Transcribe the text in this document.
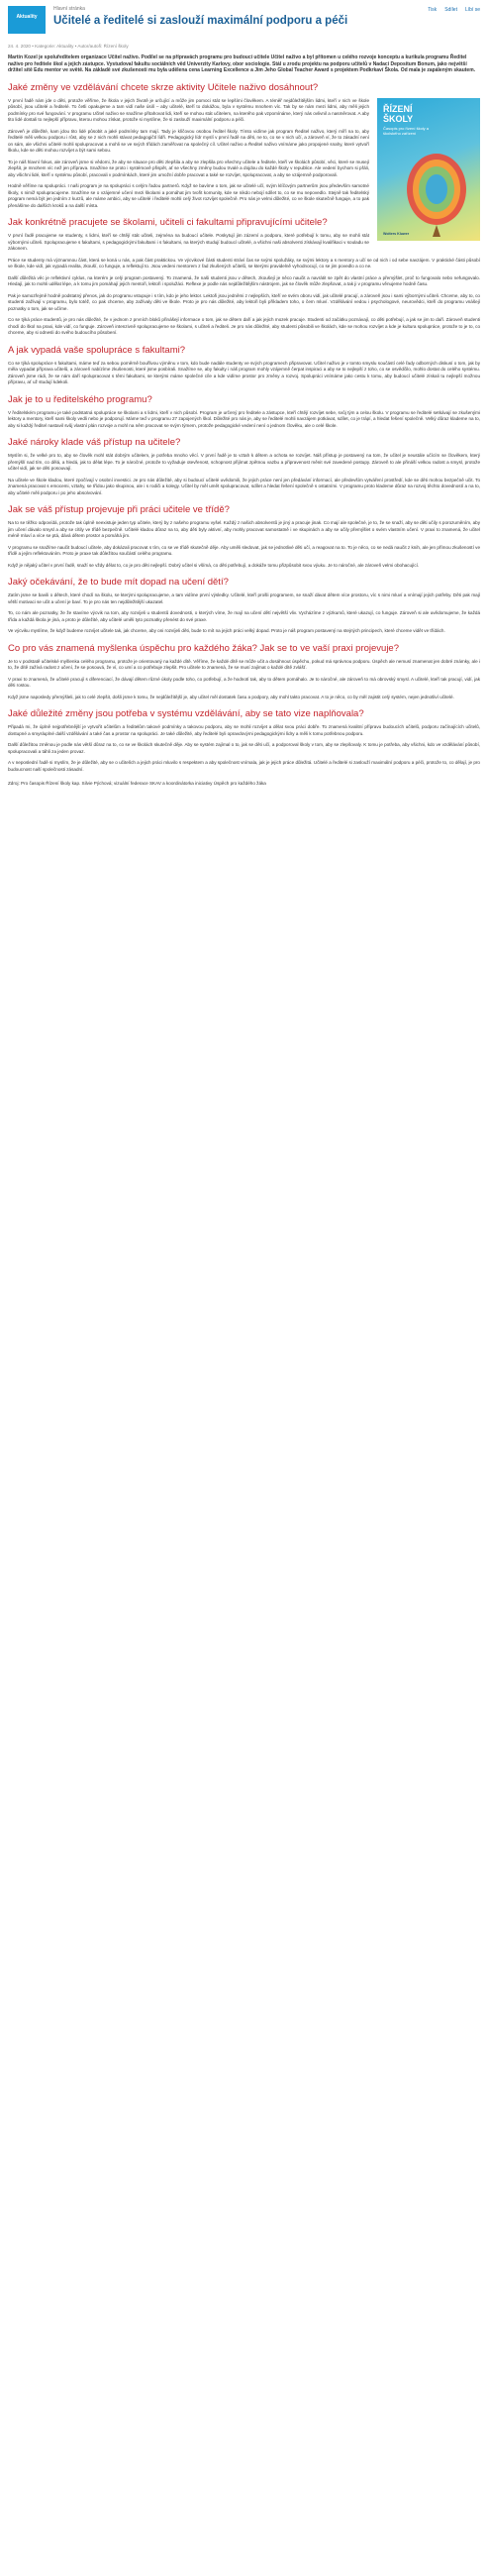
Aktuality
Hlavní stránka
Učitelé a ředitelé si zaslouží maximální podporu a péči
Tisk Sdílet Líbí se
24. 4. 2020 • Kategorie: Aktuality • Autor/autoři: Řízení školy
Martin Kozel je spoluředitelem organizace Učitel naživo. Podílel se na přípravách programu pro budoucí učitele Učitel naživo a byl přítomen u celého rozvoje konceptu a kurikula programu Ředitel naživo pro ředitele škol a jejich zástupce. Vystudoval fakultu sociálních věd Univerzity Karlovy, obor sociologie. Stál u zrodu projektu na podporu učitelů v Nadaci Depositum Bonum, jako největší držitel sítě Edu mentor ve světě. Na základě své zkušenosti mu byla udělena cena Learning Excellence a Jim Jeho Global Teacher Award s projektem Podkrkaví Škola. Od mala je zapáleným skautem.
Jaké změny ve vzdělávání chcete skrze aktivity Učitele naživo dosáhnout?
ŘÍZENÍ ŠKOLY
Časopis pro řízení školy a školského zařízení
Wolters Kluwer

V první řadě nám jde o děti, protože věříme, že škola v jejich životě je určující a může jim pomoci stát se lepšími člověkem. A téměř nejdůležitějším lidmi, kteří v nich ve škole působí, jsou učitelé a ředitelé. To četli opakujeme a tam vidí naše úsilí – aby učitelé, kteří to dokážou, byla v systému mnohem víc. Tak by se nám mezi lidmi, aby měli jejich podmínky pro své fungování. V programu Učitel naživo se snažíme přitahovat lidi, kteří se mohou stát učitelem, na kterého pak vzpomínáme, který nás ovlivnil a nasměrovat. A aby tito lidé dostali to nejlepší přípravu, kterou mohou získat, protože si myslíme, že si zaslouží maximální podporu a péči.

Zároveň je důležité, kam jdou tito lidé působit a jaké podmínky tam mají. Tady je klíčovou osobou ředitel školy. Tímto vidíme jak program Ředitel naživo, který míří na to, aby ředitelé měli velkou podporu i růst, aby se z nich mohli stávat pedagogičtí lídři. Pedagogický lídr myslí v první řadě na děti, ne to, co se v nich učí, a zároveň ví, že to zásadní není on sám, ale všichni učitelé mohli spolupracovat a mohli se ve svých třídách zaměřovat na společný cíl. Učitel naživo a Ředitel naživo vnímáme jako propojené snahy, které vytvoří školu, kde se děti mohou rozvíjet a být sami sebou.

To je náš hlavní fokus, ale zároveň jsme si vědomi, že aby se situace pro děti zlepšila a aby se zlepšila pro všechny učitele a ředitele, kteří ve školách působí, věci, které se musejí zlepšit, je mnohem víc než jen příprava. Snažíme se proto i systémově přispět, ať se všechny změny budou trvalé a dojdou do každé školy v republice. Ale vedení bychom si přáli, aby všichni lidé, kteří v systému působí, pracovali v podmínkách, které jim umožní dobře pracovat a také se rozvíjet, spolupracovat, a aby se vzájemně podporovali.

Hodně věříme na spolupráci. I naši program je na spolupráci s celým řadou partnerů. Když se bavíme o tom, jak se učitelé učí, svým klíčovým partnerům jsou především samotné školy, s nimiž spolupracujeme. Snažíme se o vzájemné učení mezi školami a pomáhat jim tvořit komunity, kde se nikdo nebojí sdílet to, co se mu nepovedlo. Stejně tak ředitelský program nemá být jen jedním z kurzů, ale máme ambici, aby se učitelé i ředitelé mohli celý život rozvíjet společně. Pro nás je velmi důležité, co ve škole skutečně funguje, a to pak přenášíme do dalších kroků a na další místa.

Jak konkrétně pracujete se školami, učiteli ci fakultami připravujícími učitele?

V první řadě pracujeme se studenty, s lidmi, kteří se chtějí stát učiteli, zejména na budoucí učitele. Poskytují jim zázemí a podporu, které potřebují k tomu, aby se mohli stát výbornými učiteli. Spolupracujeme s fakultami, s pedagogickými fakultami i s fakultami, na kterých studují budoucí učitelé, a všichni naši absolventi získávají kvalifikaci v souladu se zákonem.

Práce se studenty má významnou část, která se koná u nás, a pak část praktickou. Ve výcvikové části studenti stráví čas se svými spolužáky, se svými lektory a s mentory a učí se od nich i od sebe navzájem. V praktické části působí ve škole, kde vidí, jak vypadá realita, zkouší, co funguje, a reflektují to. Jsou vedeni mentorem z řad zkušených učitelů, se kterými pravidelně vyhodnocují, co se jim povedlo a co ne.

Další důležitá věc je reflektivní cyklus, na kterém je celý program postavený. To znamená, že naši studenti jsou v dětech, zkoušejí je něco naučit a navrátit se zpět do vlastní práce a přemýšlet, proč to fungovalo nebo nefungovalo. Hledají, jak to mohli udělat lépe, a k tomu jim pomáhají jejich mentoři, lektoři i spolužáci. Reflexe je podle nás nejdůležitějším nástrojem, jak se člověk může zlepšovat, a tak ji v programu věnujeme hodně času.

Pak je samozřejmě hodně podstatný přenos, jak do programu vstupuje i s tím, kdo je jeho lektor. Lektoři jsou jedněmi z nejlepších, kteří ve svém oboru vidí, jak učitelé pracují, a zároveň jsou i sami výbornými učiteli. Chceme, aby to, co studenti zažívají v programu, bylo totéž, co pak chceme, aby zažívaly děti ve škole. Proto je pro nás důležité, aby lektoři byli příkladem toho, o čem mluví. Vzdělávání vedou i psychologové, neurovědci, kteří do programu vnášejí poznatky o tom, jak se učíme.

Co se týká práce studentů, je pro nás důležité, že v jednom z prvních bloků přinášejí informace o tom, jak se dětem daří a jak jejich mozek pracuje. Studenti od začátku poznávají, co děti potřebují, a jak se jim to daří. Zároveň studenti chodí do škol na praxi, kde vidí, co funguje. Zároveň intenzivně spolupracujeme se školami, s učiteli a řediteli. Je pro nás důležité, aby studenti působili ve školách, kde se mohou rozvíjet a kde je kultura spolupráce, protože to je to, co chceme, aby si odnesli do svého budoucího působení.

A jak vypadá vaše spolupráce s fakultami?

Co se týká spolupráce s fakultami, máme teď za sebou poměrně bouřlivou výměnu v tom, kdo bude nadále studenty ve svých programech připravovat. Učitel naživo je v tomto smyslu součástí celé řady odborných diskusí o tom, jak by měla vypadat příprava učitelů, a zároveň nabízíme zkušenosti, které jsme posbírali. Snažíme se, aby fakulty i náš program mohly vzájemně čerpat inspiraci a aby se to nejlepší z toho, co se osvědčilo, mohlo dostat do celého systému. Zároveň jsme rádi, že se nám daří spolupracovat s těmi fakultami, se kterými máme společné cíle a kde vidíme prostor pro změny a rozvoj. Spolupráci vnímáme jako cestu k tomu, aby budoucí učitelé získali tu nejlepší možnou přípravu, ať už studují kdekoli.

Jak je to u ředitelského programu?

V ředitelském programu je také podstatná spolupráce se školami a s lidmi, kteří v nich působí. Program je určený pro ředitele a zástupce, kteří chtějí rozvíjet sebe, svůj tým a celou školu. V programu se ředitelé setkávají se zkušenými lektory a mentory, kteří sami školy vedli nebo je podporují. Máme teď v programu 27 zapojených škol. Důležité pro nás je, aby se ředitelé mohli navzájem potkávat, sdílet, co je trápí, a hledat řešení společně. Velký důraz klademe na to, aby si každý ředitel nastavil svůj vlastní plán rozvoje a mohl na něm pracovat se svým týmem, protože pedagogické vedení není o jednom člověku, ale o celé škole.

Jaké nároky klade váš přístup na učitele?

Myslím si, že velké pro to, aby se člověk mohl stát dobrým učitelem, je potřeba mnoho věcí. V první řadě je to vztah k dětem a ochota se rozvíjet. Náš přístup je postavený na tom, že učitel je neustále učícím se člověkem, který přemýšlí nad tím, co dělá, a hledá, jak to dělat lépe. To je náročné, protože to vyžaduje otevřenost, schopnost přijímat zpětnou vazbu a připravenost měnit své zavedené postupy. Zároveň to ale přináší velkou radost a smysl, protože učitel vidí, jak se děti posouvají.

Na učitele ve škole kladou, které zpočívají v osobní investici. Je pro nás důležité, aby si budoucí učitelé uvědomili, že jejich práce není jen předávání informací, ale především vytváření prostředí, kde se děti mohou bezpečně učit. To znamená pracovat s emocemi, vztahy, se třídou jako skupinou, ale i s rodiči a kolegy. Učitel by měl umět spolupracovat, sdílet a hledat řešení společně s ostatními. V programu proto klademe důraz na rozvoj těchto dovedností a na to, aby učitelé měli podporu i po jeho absolvování.

Jak se váš přístup projevuje při práci učitele ve třídě?

Na to se těžko odpovídá, protože tak úplně neexistuje jeden typ učitele, který by z našeho programu vyšel. Každý z našich absolventů je jiný a pracuje jinak. Co mají ale společné, je to, že se snaží, aby se děti učily s porozuměním, aby jim učení dávalo smysl a aby se cítily ve třídě bezpečně. Učitelé kladou důraz na to, aby děti byly aktivní, aby mohly pracovat samostatně i ve skupinách a aby se učily přemýšlet o svém vlastním učení. V praxi to znamená, že učitel méně mluví a více se ptá, dává dětem prostor a pomáhá jim.

V programu se snažíme naučit budoucí učitele, aby dokázali pracovat s tím, co se ve třídě skutečně děje. Aby uměli sledovat, jak se jednotlivé děti učí, a reagovat na to. To je něco, co se nedá naučit z knih, ale jen přímou zkušeností ve třídě a jejím reflektováním. Proto je praxe tak důležitou součástí celého programu.

Když je nějaký učitel v první řadě, snaží se vždy dělat to, co je pro děti nejlepší. Dobrý učitel si všímá, co děti potřebují, a dokáže tomu přizpůsobit svou výuku. Je to náročné, ale zároveň velmi obohacující.

Jaký očekávání, že to bude mít dopad na učení dětí?

Zatím jsme se bavili o dětech, které chodí na školu, se kterými spolupracujeme, a tam vidíme první výsledky. Učitelé, kteří prošli programem, se snaží dávat dětem více prostoru, víc s nimi mluví a vnímají jejich potřeby. Děti pak mají větší motivaci se učit a učení je baví. To je pro nás ten nejdůležitější ukazatel.

To, co nám ale poznatky, že že stavíme výcvik na tom, aby rozvíjeli u studentů dovednosti, o kterých víme, že mají na učení dětí největší vliv. Vycházíme z výzkumů, které ukazují, co funguje. Zároveň si ale uvědomujeme, že každá třída a každá škola je jiná, a proto je důležité, aby učitelé uměli tyto poznatky přenést do své praxe.

Ve výcviku myslíme, že když budeme rozvíjet učitele tak, jak chceme, aby oni rozvíjeli děti, bude to mít na jejich práci velký dopad. Proto je náš program postavený na stejných principech, které chceme vidět ve třídách.

Co pro vás znamená myšlenka úspěchu pro každého žáka? Jak se to ve vaší praxi projevuje?

Je to v podstatě učitelské myšlenka celého programu, protože je orientovaný na každé dítě. Věříme, že každé dítě se může učit a dosáhnout úspěchu, pokud má správnou podporu. Úspěch ale nemusí znamenat jen dobré známky, ale i to, že dítě zažívá radost z učení, že se posouvá, že ví, co umí a co potřebuje zlepšit. Pro učitele to znamená, že se musí zajímat o každé dítě zvlášť.

V praxi to znamená, že učitelé pracují s diferenciací, že dávají dětem různé úkoly podle toho, co potřebují, a že hodnotí tak, aby to dětem pomáhalo. Je to náročné, ale zároveň to má obrovský smysl. A učitelé, kteří tak pracují, vidí, jak děti rostou.

Když jsme naposledy přemýšleli, jak to celé zlepšit, došli jsme k tomu, že nejdůležitější je, aby učitel měl dostatek času a podpory, aby mohl takto pracovat. A to je něco, co by měl zajistit celý systém, nejen jednotliví učitelé.

Jaké důležité změny jsou potřeba v systému vzdělávání, aby se tato vize naplňovala?

Připadá mi, že úplně nejpotřebnější je vytvořit učitelům a ředitelům takové podmínky a takovou podporu, aby se mohli rozvíjet a dělat svou práci dobře. To znamená kvalitní přípravu budoucích učitelů, podporu začínajících učitelů, dostupné a smysluplné další vzdělávání a také čas a prostor na spolupráci. Je také důležité, aby ředitelé byli opravdovými pedagogickými lídry a měli k tomu potřebnou podporu.

Další důležitou změnou je podle nás větší důraz na to, co se ve školách skutečně děje. Aby se systém zajímal o to, jak se děti učí, a podporoval školy v tom, aby se zlepšovaly. K tomu je potřeba, aby všichni, kdo ve vzdělávání působí, spolupracovali a táhli za jeden provaz.

A v neposlední řadě si myslím, že je důležité, aby se o učitelích a jejich práci mluvilo s respektem a aby společnost vnímala, jak je jejich práce důležitá. Učitelé a ředitelé si zaslouží maximální podporu a péči, protože to, co dělají, je pro budoucnost naší společnosti zásadní.

Zdroj: Pro časopis Řízení školy kap. Silvie Pýchová; vizuální federace SKAV a koordinátorka iniciativy Úspěch pro každého žáka
